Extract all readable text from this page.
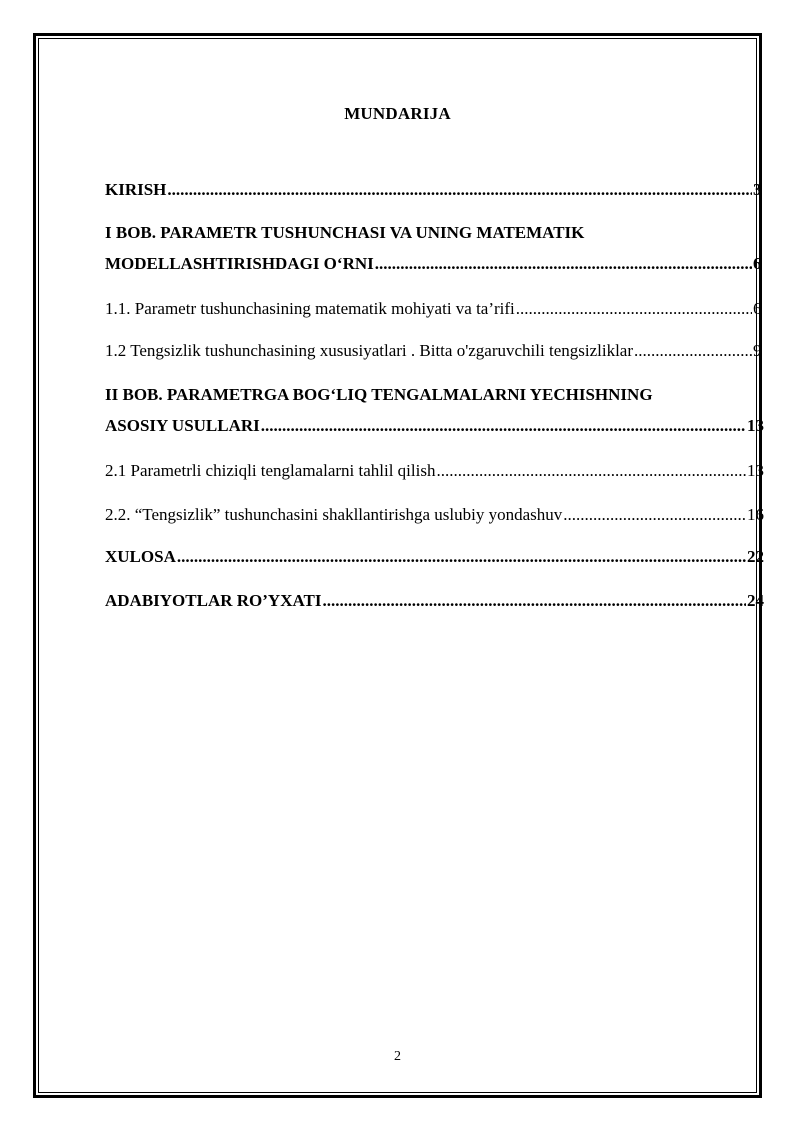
MUNDARIJA
KIRISH .....	3
I BOB. PARAMETR TUSHUNCHASI VA UNING MATEMATIK
MODELLASHTIRISHDAGI O‘RNI .....	6
1.1. Parametr tushunchasining matematik mohiyati va ta’rifi .....	6
1.2 Tengsizlik tushunchasining xususiyatlari . Bitta o'zgaruvchili tengsizliklar .....	9
II BOB. PARAMETRGA BOG‘LIQ TENGALMALARNI YECHISHNING
ASOSIY USULLARI .....	13
2.1 Parametrli chiziqli tenglamalarni tahlil qilish .....	13
2.2. “Tengsizlik” tushunchasini shakllantirishga uslubiy yondashuv .....	16
XULOSA .....	22
ADABIYOTLAR RO’YXATI .....	24
2
